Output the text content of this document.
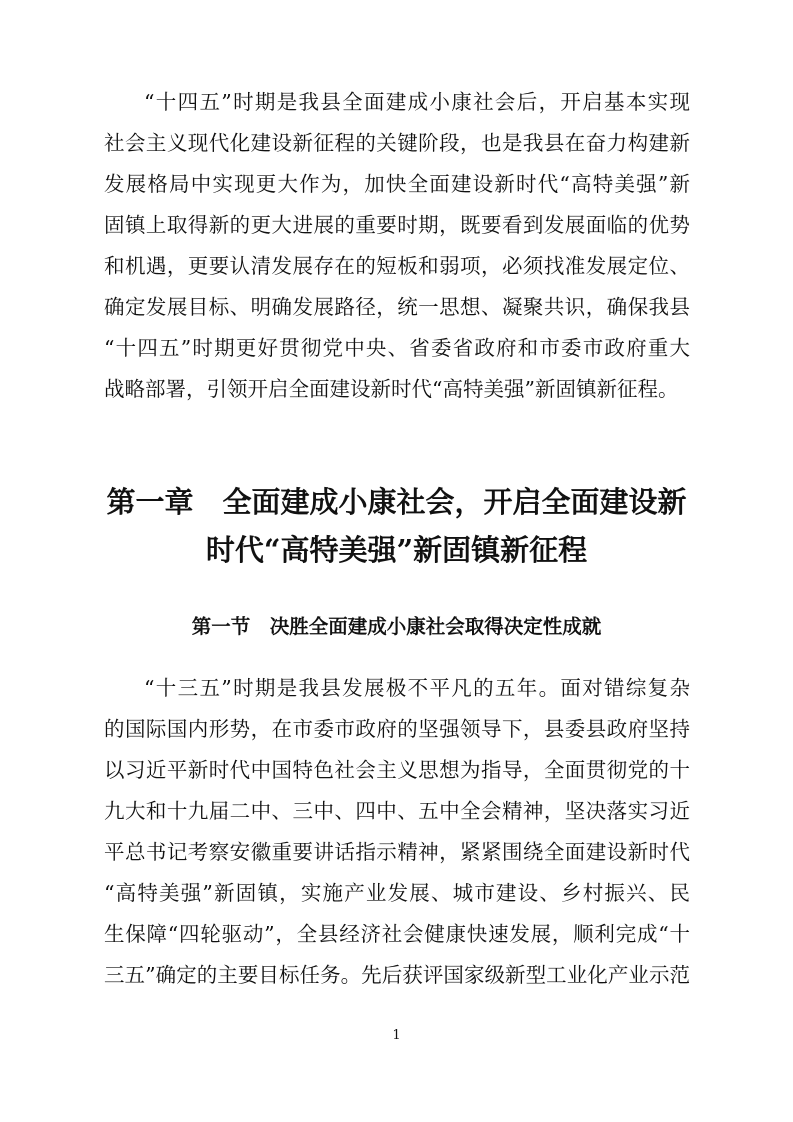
“十四五”时期是我县全面建成小康社会后，开启基本实现
社会主义现代化建设新征程的关键阶段，也是我县在奋力构建新
发展格局中实现更大作为，加快全面建设新时代“高特美强”新
固镇上取得新的更大进展的重要时期，既要看到发展面临的优势
和机遇，更要认清发展存在的短板和弱项，必须找准发展定位、
确定发展目标、明确发展路径，统一思想、凝聚共识，确保我县
“十四五”时期更好贯彻党中央、省委省政府和市委市政府重大
战略部署，引领开启全面建设新时代“高特美强”新固镇新征程。
第一章　全面建成小康社会，开启全面建设新
时代“高特美强”新固镇新征程
第一节　决胜全面建成小康社会取得决定性成就
“十三五”时期是我县发展极不平凡的五年。面对错综复杂
的国际国内形势，在市委市政府的坚强领导下，县委县政府坚持
以习近平新时代中国特色社会主义思想为指导，全面贯彻党的十
九大和十九届二中、三中、四中、五中全会精神，坚决落实习近
平总书记考察安徽重要讲话指示精神，紧紧围绕全面建设新时代
“高特美强”新固镇，实施产业发展、城市建设、乡村振兴、民
生保障“四轮驱动”，全县经济社会健康快速发展，顺利完成“十
三五”确定的主要目标任务。先后获评国家级新型工业化产业示范
1
